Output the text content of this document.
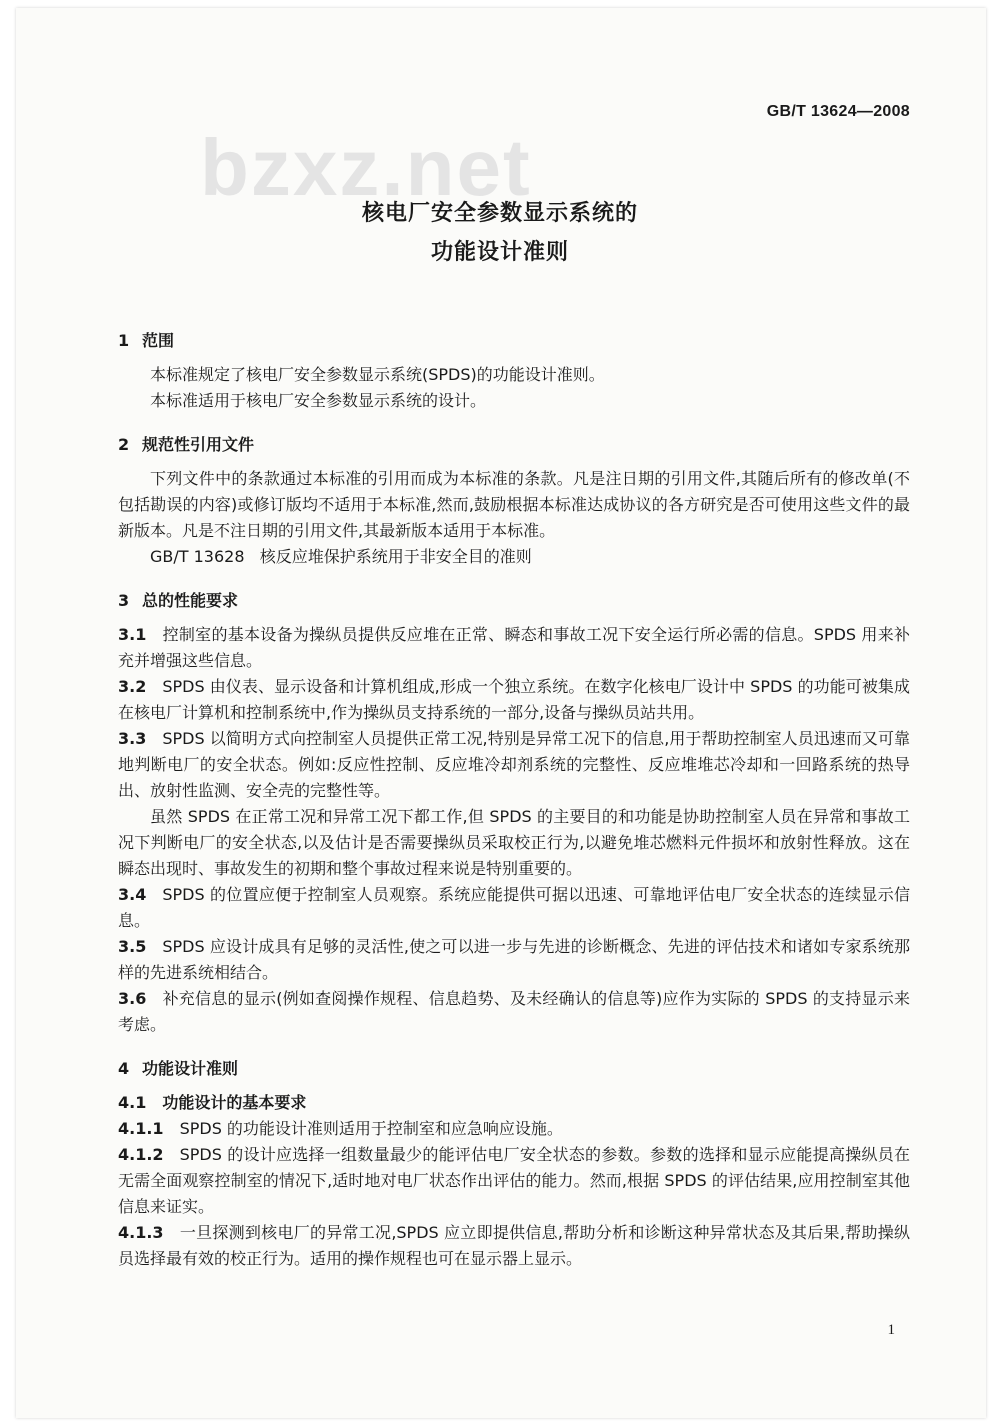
GB/T 13624—2008
bzxz.net
核电厂安全参数显示系统的
功能设计准则
1 范围
本标准规定了核电厂安全参数显示系统(SPDS)的功能设计准则。
本标准适用于核电厂安全参数显示系统的设计。
2 规范性引用文件
下列文件中的条款通过本标准的引用而成为本标准的条款。凡是注日期的引用文件,其随后所有的修改单(不包括勘误的内容)或修订版均不适用于本标准,然而,鼓励根据本标准达成协议的各方研究是否可使用这些文件的最新版本。凡是不注日期的引用文件,其最新版本适用于本标准。
GB/T 13628   核反应堆保护系统用于非安全目的准则
3 总的性能要求
3.1 控制室的基本设备为操纵员提供反应堆在正常、瞬态和事故工况下安全运行所必需的信息。SPDS 用来补充并增强这些信息。
3.2 SPDS 由仪表、显示设备和计算机组成,形成一个独立系统。在数字化核电厂设计中 SPDS 的功能可被集成在核电厂计算机和控制系统中,作为操纵员支持系统的一部分,设备与操纵员站共用。
3.3 SPDS 以简明方式向控制室人员提供正常工况,特别是异常工况下的信息,用于帮助控制室人员迅速而又可靠地判断电厂的安全状态。例如:反应性控制、反应堆冷却剂系统的完整性、反应堆堆芯冷却和一回路系统的热导出、放射性监测、安全壳的完整性等。
虽然 SPDS 在正常工况和异常工况下都工作,但 SPDS 的主要目的和功能是协助控制室人员在异常和事故工况下判断电厂的安全状态,以及估计是否需要操纵员采取校正行为,以避免堆芯燃料元件损坏和放射性释放。这在瞬态出现时、事故发生的初期和整个事故过程来说是特别重要的。
3.4 SPDS 的位置应便于控制室人员观察。系统应能提供可据以迅速、可靠地评估电厂安全状态的连续显示信息。
3.5 SPDS 应设计成具有足够的灵活性,使之可以进一步与先进的诊断概念、先进的评估技术和诸如专家系统那样的先进系统相结合。
3.6 补充信息的显示(例如查阅操作规程、信息趋势、及未经确认的信息等)应作为实际的 SPDS 的支持显示来考虑。
4 功能设计准则
4.1 功能设计的基本要求
4.1.1 SPDS 的功能设计准则适用于控制室和应急响应设施。
4.1.2 SPDS 的设计应选择一组数量最少的能评估电厂安全状态的参数。参数的选择和显示应能提高操纵员在无需全面观察控制室的情况下,适时地对电厂状态作出评估的能力。然而,根据 SPDS 的评估结果,应用控制室其他信息来证实。
4.1.3 一旦探测到核电厂的异常工况,SPDS 应立即提供信息,帮助分析和诊断这种异常状态及其后果,帮助操纵员选择最有效的校正行为。适用的操作规程也可在显示器上显示。
1
